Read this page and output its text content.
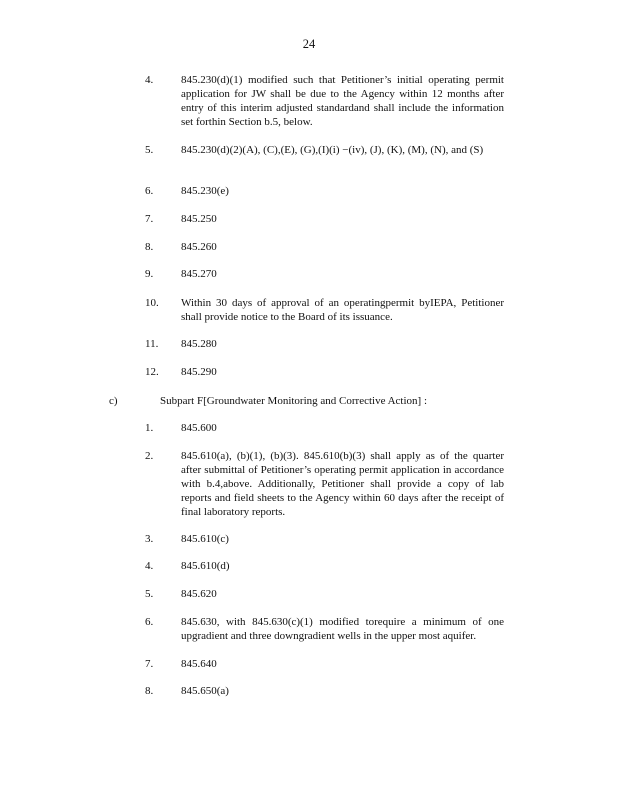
24
4.	845.230(d)(1) modified such that Petitioner’s initial operating permit application for JW shall be due to the Agency within 12 months after entry of this interim adjusted standardand shall include the information set forthin Section b.5, below.
5.	845.230(d)(2)(A), (C),(E), (G),(I)(i) −(iv), (J), (K), (M), (N), and (S)
6.	845.230(e)
7.	845.250
8.	845.260
9.	845.270
10.	Within 30 days of approval of an operatingpermit byIEPA, Petitioner shall provide notice to the Board of its issuance.
11.	845.280
12.	845.290
c)	Subpart F[Groundwater Monitoring and Corrective Action] :
1.	845.600
2.	845.610(a), (b)(1), (b)(3). 845.610(b)(3) shall apply as of the quarter after submittal of Petitioner’s operating permit application in accordance with b.4,above. Additionally, Petitioner shall provide a copy of lab reports and field sheets to the Agency within 60 days after the receipt of final laboratory reports.
3.	845.610(c)
4.	845.610(d)
5.	845.620
6.	845.630, with 845.630(c)(1) modified torequire a minimum of one upgradient and three downgradient wells in the upper most aquifer.
7.	845.640
8.	845.650(a)
